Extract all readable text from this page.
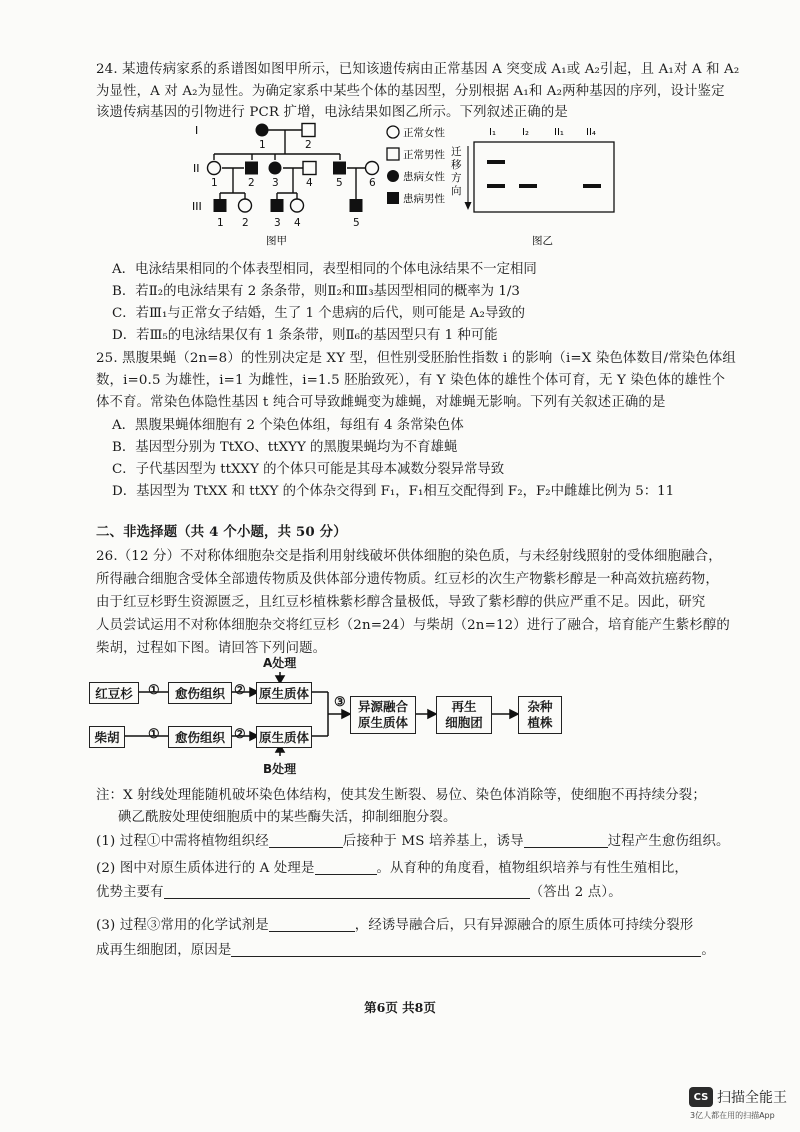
24. 某遗传病家系的系谱图如图甲所示，已知该遗传病由正常基因 A 突变成 A₁或 A₂引起，且 A₁对 A 和 A₂
为显性，A 对 A₂为显性。为确定家系中某些个体的基因型，分别根据 A₁和 A₂两种基因的序列，设计鉴定
该遗传病基因的引物进行 PCR 扩增，电泳结果如图乙所示。下列叙述正确的是
I
II
III
1	2
1	2 3	4 5	6
1 2 3 4	5
正常女性
正常男性
患病女性
患病男性
图甲
I₁	I₂	II₁ II₄
迁
移
方
向
图乙
A．电泳结果相同的个体表型相同，表型相同的个体电泳结果不一定相同
B．若Ⅱ₂的电泳结果有 2 条条带，则Ⅱ₂和Ⅲ₃基因型相同的概率为 1/3
C．若Ⅲ₁与正常女子结婚，生了 1 个患病的后代，则可能是 A₂导致的
D．若Ⅲ₅的电泳结果仅有 1 条条带，则Ⅱ₆的基因型只有 1 种可能
25. 黑腹果蝇（2n=8）的性别决定是 XY 型，但性别受胚胎性指数 i 的影响（i=X 染色体数目/常染色体组
数，i=0.5 为雄性，i=1 为雌性，i=1.5 胚胎致死），有 Y 染色体的雄性个体可育，无 Y 染色体的雄性个
体不育。常染色体隐性基因 t 纯合可导致雌蝇变为雄蝇，对雄蝇无影响。下列有关叙述正确的是
A．黑腹果蝇体细胞有 2 个染色体组，每组有 4 条常染色体
B．基因型分别为 TtXO、ttXYY 的黑腹果蝇均为不育雄蝇
C．子代基因型为 ttXXY 的个体只可能是其母本减数分裂异常导致
D．基因型为 TtXX 和 ttXY 的个体杂交得到 F₁，F₁相互交配得到 F₂，F₂中雌雄比例为 5：11
二、非选择题（共 4 个小题，共 50 分）
26.（12 分）不对称体细胞杂交是指利用射线破坏供体细胞的染色质，与未经射线照射的受体细胞融合，
所得融合细胞含受体全部遗传物质及供体部分遗传物质。红豆杉的次生产物紫杉醇是一种高效抗癌药物，
由于红豆杉野生资源匮乏，且红豆杉植株紫杉醇含量极低，导致了紫杉醇的供应严重不足。因此，研究
人员尝试运用不对称体细胞杂交将红豆杉（2n=24）与柴胡（2n=12）进行了融合，培育能产生紫杉醇的
柴胡，过程如下图。请回答下列问题。
A处理
B处理
①	②
③
①	②
红豆杉	愈伤组织	原生质体
柴胡	愈伤组织	原生质体
异源融合
原生质体
再生
细胞团
杂种
植株
注：X 射线处理能随机破坏染色体结构，使其发生断裂、易位、染色体消除等，使细胞不再持续分裂；
碘乙酰胺处理使细胞质中的某些酶失活，抑制细胞分裂。
(1) 过程①中需将植物组织经	后接种于 MS 培养基上，诱导	过程产生愈伤组织。
(2) 图中对原生质体进行的 A 处理是	。从育种的角度看，植物组织培养与有性生殖相比，
优势主要有	（答出 2 点）。
(3) 过程③常用的化学试剂是	，经诱导融合后，只有异源融合的原生质体可持续分裂形
成再生细胞团，原因是	。
第6页 共8页
CS 扫描全能王
3亿人都在用的扫描App
